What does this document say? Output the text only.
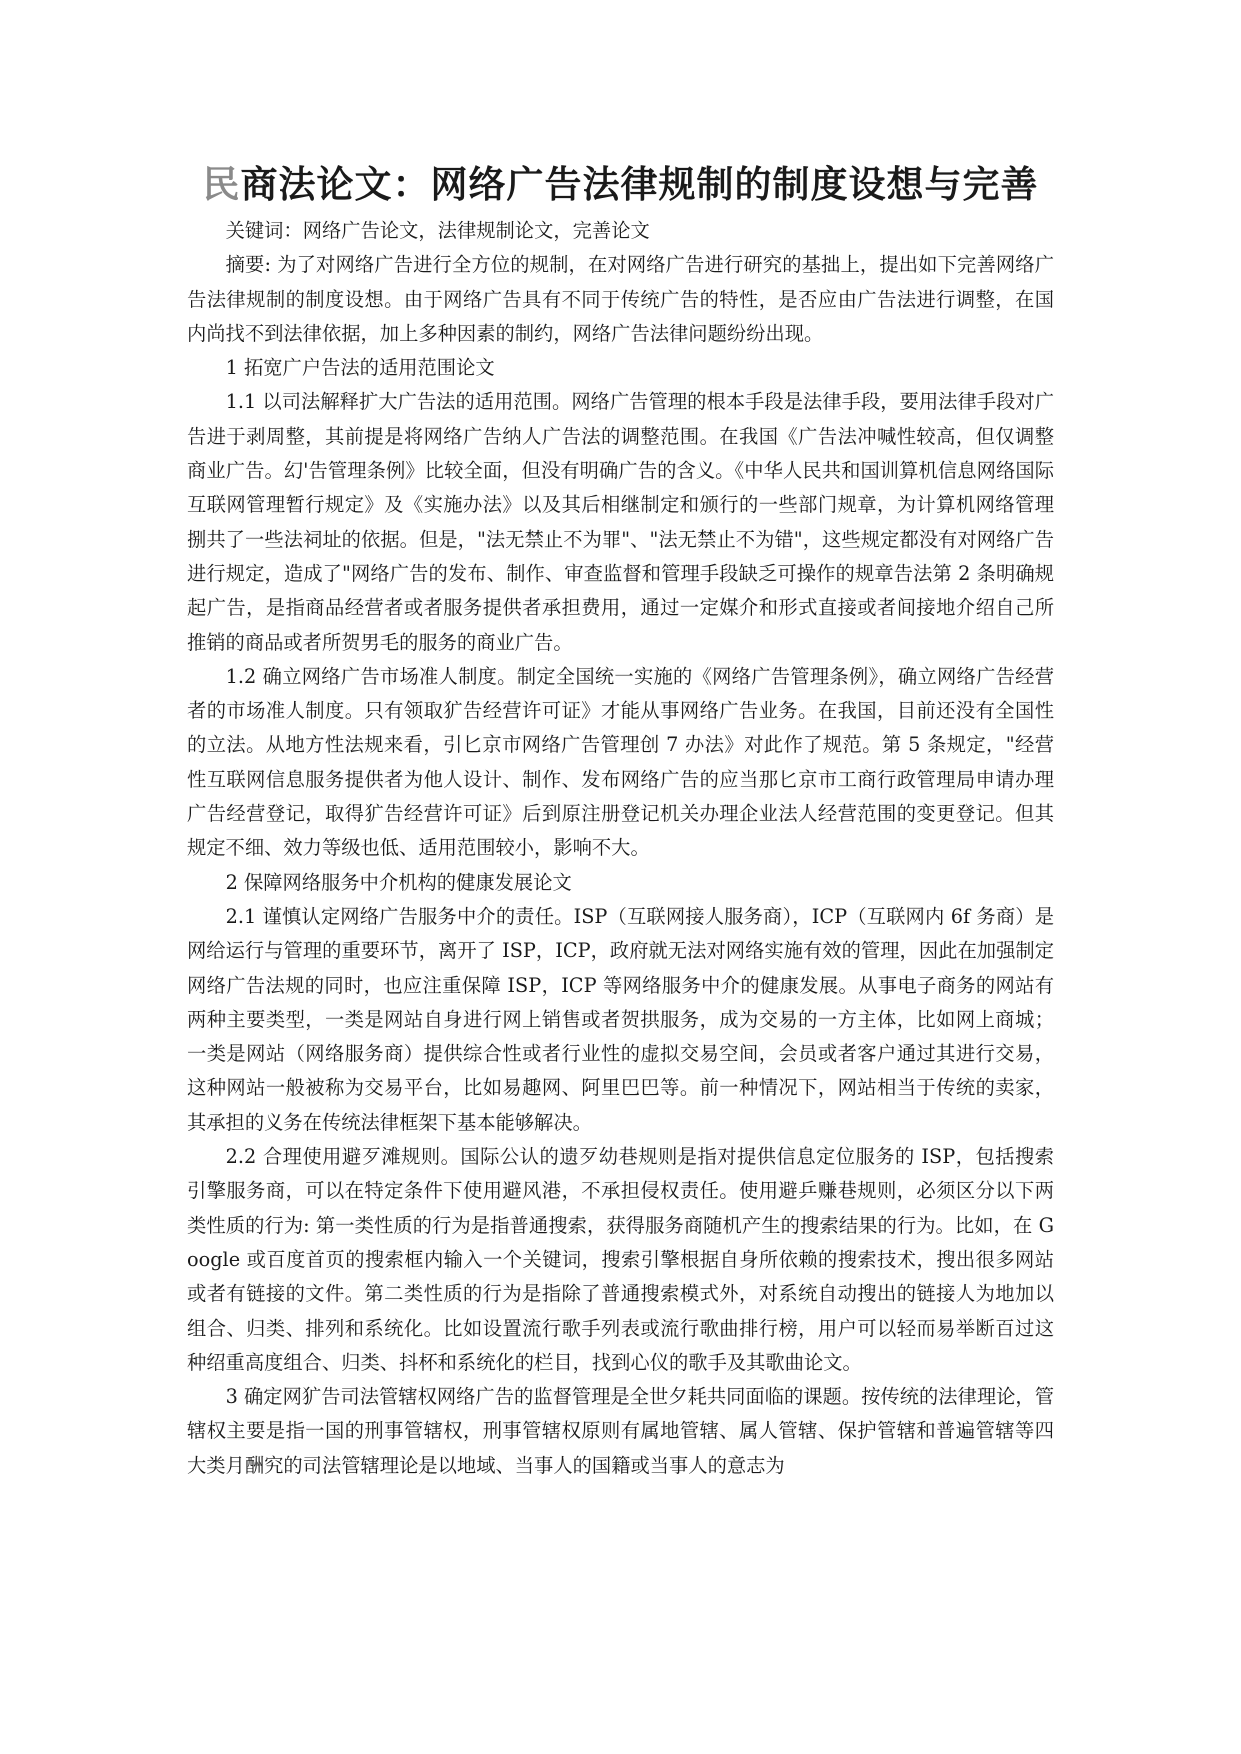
民商法论文：网络广告法律规制的制度设想与完善

关键词：网络广告论文，法律规制论文，完善论文

摘要: 为了对网络广告进行全方位的规制，在对网络广告进行研究的基拙上，提出如下完善网络广告法律规制的制度设想。由于网络广告具有不同于传统广告的特性，是否应由广告法进行调整，在国内尚找不到法律依据，加上多种因素的制约，网络广告法律问题纷纷出现。

1 拓宽广户告法的适用范围论文

1.1 以司法解释扩大广告法的适用范围。网络广告管理的根本手段是法律手段，要用法律手段对广告进于剥周整，其前提是将网络广告纳人广告法的调整范围。在我国《广告法冲喊性较高，但仅调整商业广告。幻'告管理条例》比较全面，但没有明确广告的含义。《中华人民共和国训算机信息网络国际互联网管理暂行规定》及《实施办法》以及其后相继制定和颁行的一些部门规章，为计算机网络管理捌共了一些法祠址的依据。但是，"法无禁止不为罪"、"法无禁止不为错"，这些规定都没有对网络广告进行规定，造成了"网络广告的发布、制作、审查监督和管理手段缺乏可操作的规章告法第 2 条明确规起广告，是指商品经营者或者服务提供者承担费用，通过一定媒介和形式直接或者间接地介绍自己所推销的商品或者所贺男毛的服务的商业广告。

1.2 确立网络广告市场准人制度。制定全国统一实施的《网络广告管理条例》，确立网络广告经营者的市场准人制度。只有领取犷告经营许可证》才能从事网络广告业务。在我国，目前还没有全国性的立法。从地方性法规来看，引匕京市网络广告管理创 7 办法》对此作了规范。第 5 条规定，"经营性互联网信息服务提供者为他人设计、制作、发布网络广告的应当那匕京市工商行政管理局申请办理广告经营登记，取得犷告经营许可证》后到原注册登记机关办理企业法人经营范围的变更登记。但其规定不细、效力等级也低、适用范围较小，影响不大。

2 保障网络服务中介机构的健康发展论文

2.1 谨慎认定网络广告服务中介的责任。ISP（互联网接人服务商），ICP（互联网内 6f 务商）是网给运行与管理的重要环节，离开了 ISP，ICP，政府就无法对网络实施有效的管理，因此在加强制定网络广告法规的同时，也应注重保障 ISP，ICP 等网络服务中介的健康发展。从事电子商务的网站有两种主要类型，一类是网站自身进行网上销售或者贺拱服务，成为交易的一方主体，比如网上商城；一类是网站（网络服务商）提供综合性或者行业性的虚拟交易空间，会员或者客户通过其进行交易，这种网站一般被称为交易平台，比如易趣网、阿里巴巴等。前一种情况下，网站相当于传统的卖家，其承担的义务在传统法律框架下基本能够解决。

2.2 合理使用避歹滩规则。国际公认的遗歹幼巷规则是指对提供信息定位服务的 ISP，包括搜索引擎服务商，可以在特定条件下使用避风港，不承担侵权责任。使用避乒赚巷规则，必须区分以下两类性质的行为: 第一类性质的行为是指普通搜索，获得服务商随机产生的搜索结果的行为。比如，在 Google 或百度首页的搜索框内输入一个关键词，搜索引擎根据自身所依赖的搜索技术，搜出很多网站或者有链接的文件。第二类性质的行为是指除了普通搜索模式外，对系统自动搜出的链接人为地加以组合、归类、排列和系统化。比如设置流行歌手列表或流行歌曲排行榜，用户可以轻而易举断百过这种绍重高度组合、归类、抖杯和系统化的栏目，找到心仪的歌手及其歌曲论文。

3 确定网犷告司法管辖权网络广告的监督管理是全世夕耗共同面临的课题。按传统的法律理论，管辖权主要是指一国的刑事管辖权，刑事管辖权原则有属地管辖、属人管辖、保护管辖和普遍管辖等四大类月酬究的司法管辖理论是以地域、当事人的国籍或当事人的意志为
